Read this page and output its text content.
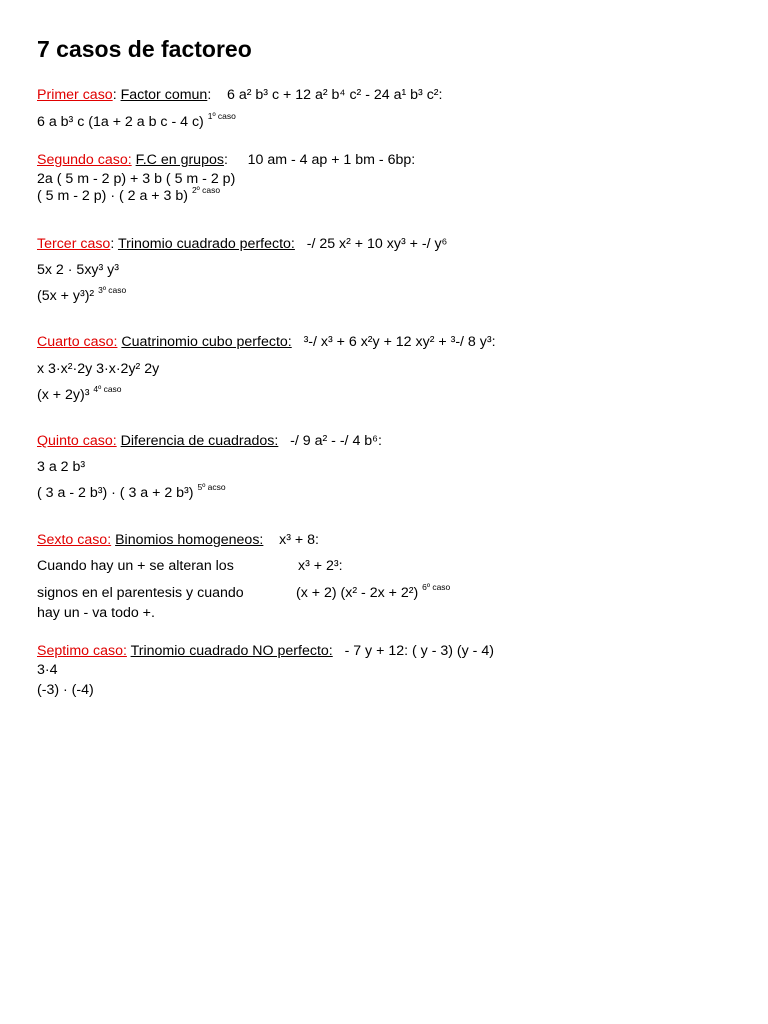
7 casos de factoreo
Primer caso: Factor comun:    6 a² b³ c + 12 a² b⁴ c² - 24 a¹ b³ c²:
6 a b³ c (1a + 2 a b c - 4 c) $^{1º caso}$
Segundo caso: F.C en grupos:     10 am - 4 ap + 1 bm - 6bp:
2a ( 5 m - 2 p) + 3 b ( 5 m - 2 p)
( 5 m - 2 p) · ( 2 a + 3 b) $^{2º caso}$
Tercer caso: Trinomio cuadrado perfecto: -/ 25 x² + 10 xy³ + -/ y⁶
5x 2 · 5xy³ y³
(5x + y³)² $^{3º caso}$
Cuarto caso: Cuatrinomio cubo perfecto: ³-/ x³ + 6 x²y + 12 xy² + ³-/ 8 y³:
x 3·x²·2y 3·x·2y² 2y
(x + 2y)³ $^{4º caso}$
Quinto caso: Diferencia de cuadrados: -/ 9 a² - -/ 4 b⁶:
3 a 2 b³
( 3 a - 2 b³) · ( 3 a + 2 b³) $^{5º acso}$
Sexto caso: Binomios homogeneos: x³ + 8:
Cuando hay un + se alteran los	x³ + 2³:
signos en el parentesis y cuando	(x + 2) (x² - 2x + 2²) $^{6º caso}$
hay un - va todo +.
Septimo caso: Trinomio cuadrado NO perfecto: - 7 y + 12: ( y - 3) (y - 4)
3·4
(-3) · (-4)
